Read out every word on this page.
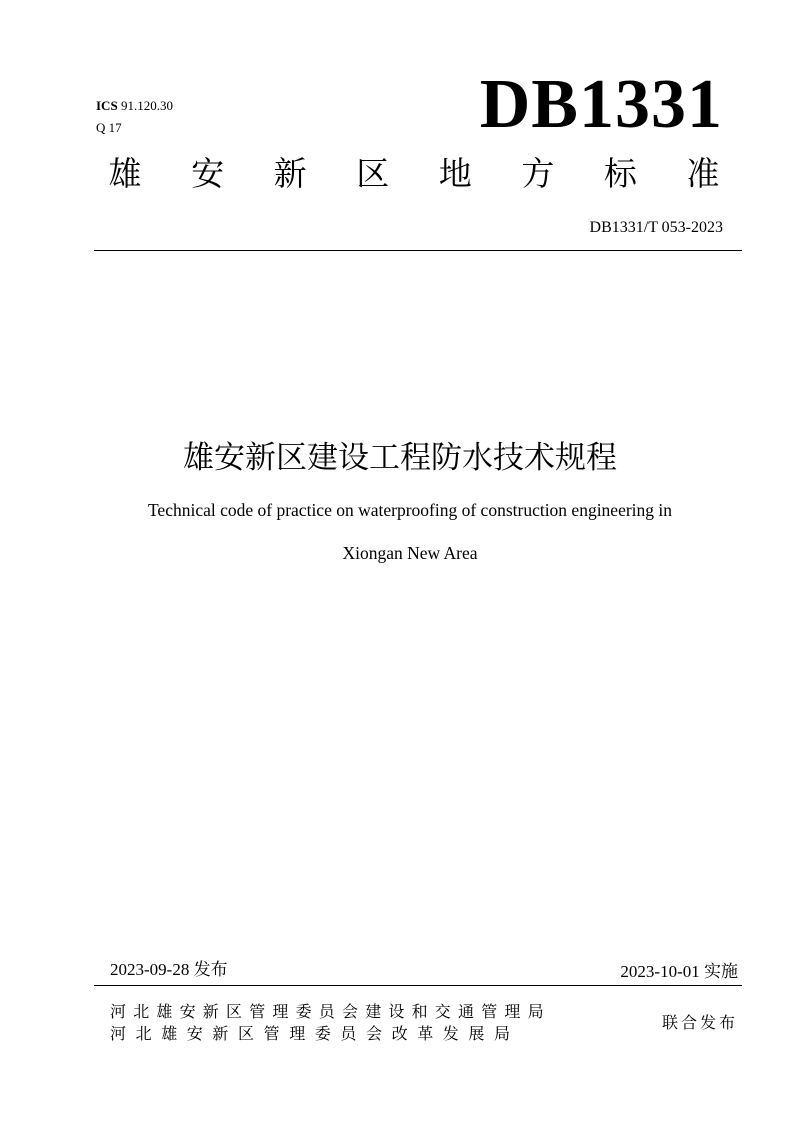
ICS 91.120.30
Q 17	DB1331
雄	安	新	区	地	方	标	准
DB1331/T 053-2023
雄安新区建设工程防水技术规程
Technical code of practice on waterproofing of construction engineering in
Xiongan New Area
2023-09-28 发布	2023-10-01 实施
河北雄安新区管理委员会建设和交通管理局
河北雄安新区管理委员会改革发展局
联合发布
